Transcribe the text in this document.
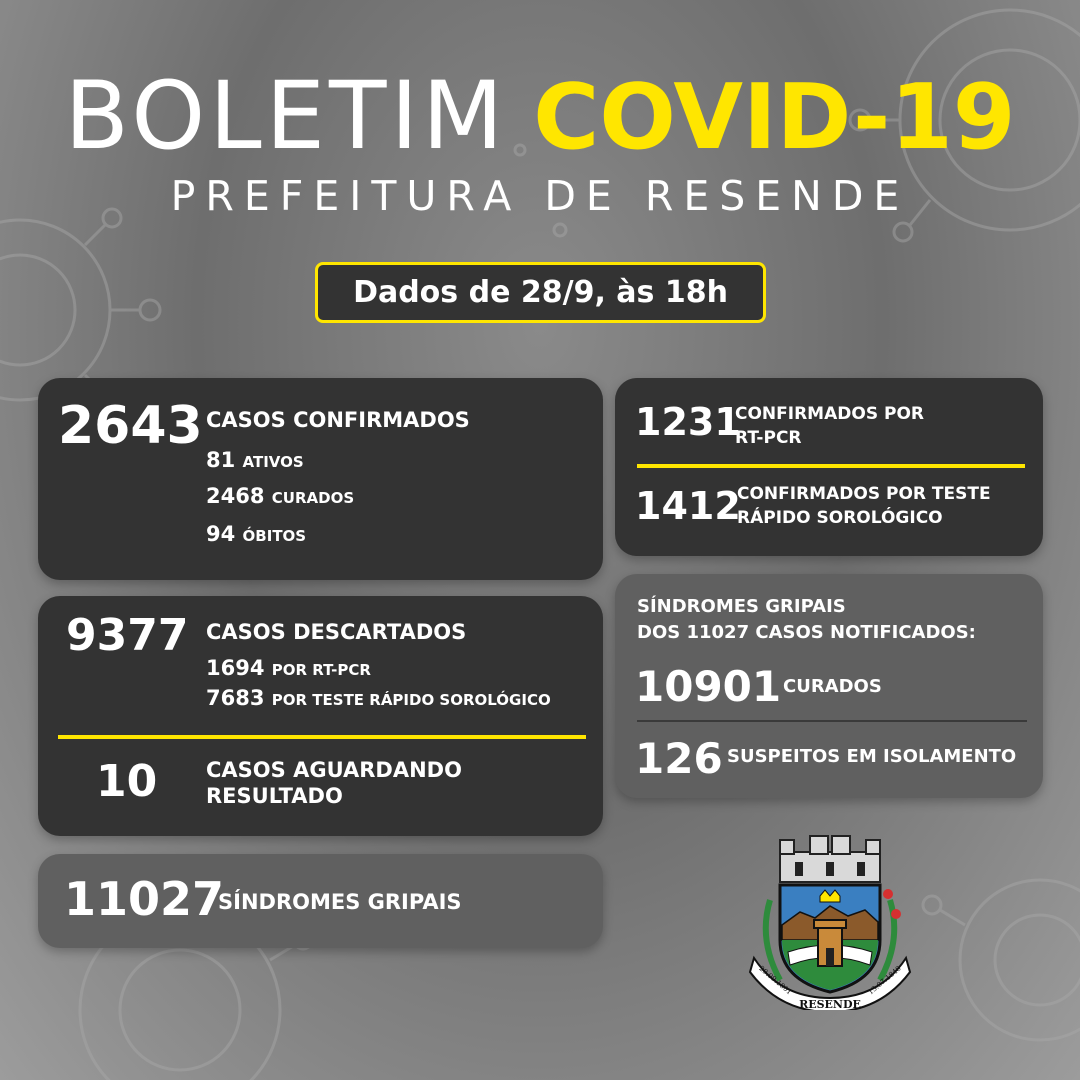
BOLETIM COVID-19
PREFEITURA DE RESENDE
Dados de 28/9, às 18h
2643 CASOS CONFIRMADOS
81 ATIVOS
2468 CURADOS
94 ÓBITOS
1231
CONFIRMADOS POR
RT-PCR
1412
CONFIRMADOS POR TESTE
RÁPIDO SOROLÓGICO
9377 CASOS DESCARTADOS
1694 POR RT-PCR
7683 POR TESTE RÁPIDO SOROLÓGICO
10 CASOS AGUARDANDO
RESULTADO
SÍNDROMES GRIPAIS
DOS 11027 CASOS NOTIFICADOS:
10901 CURADOS
126 SUSPEITOS EM ISOLAMENTO
11027
SÍNDROMES GRIPAIS
RESENDE
29.09.1801	13.07.1848
